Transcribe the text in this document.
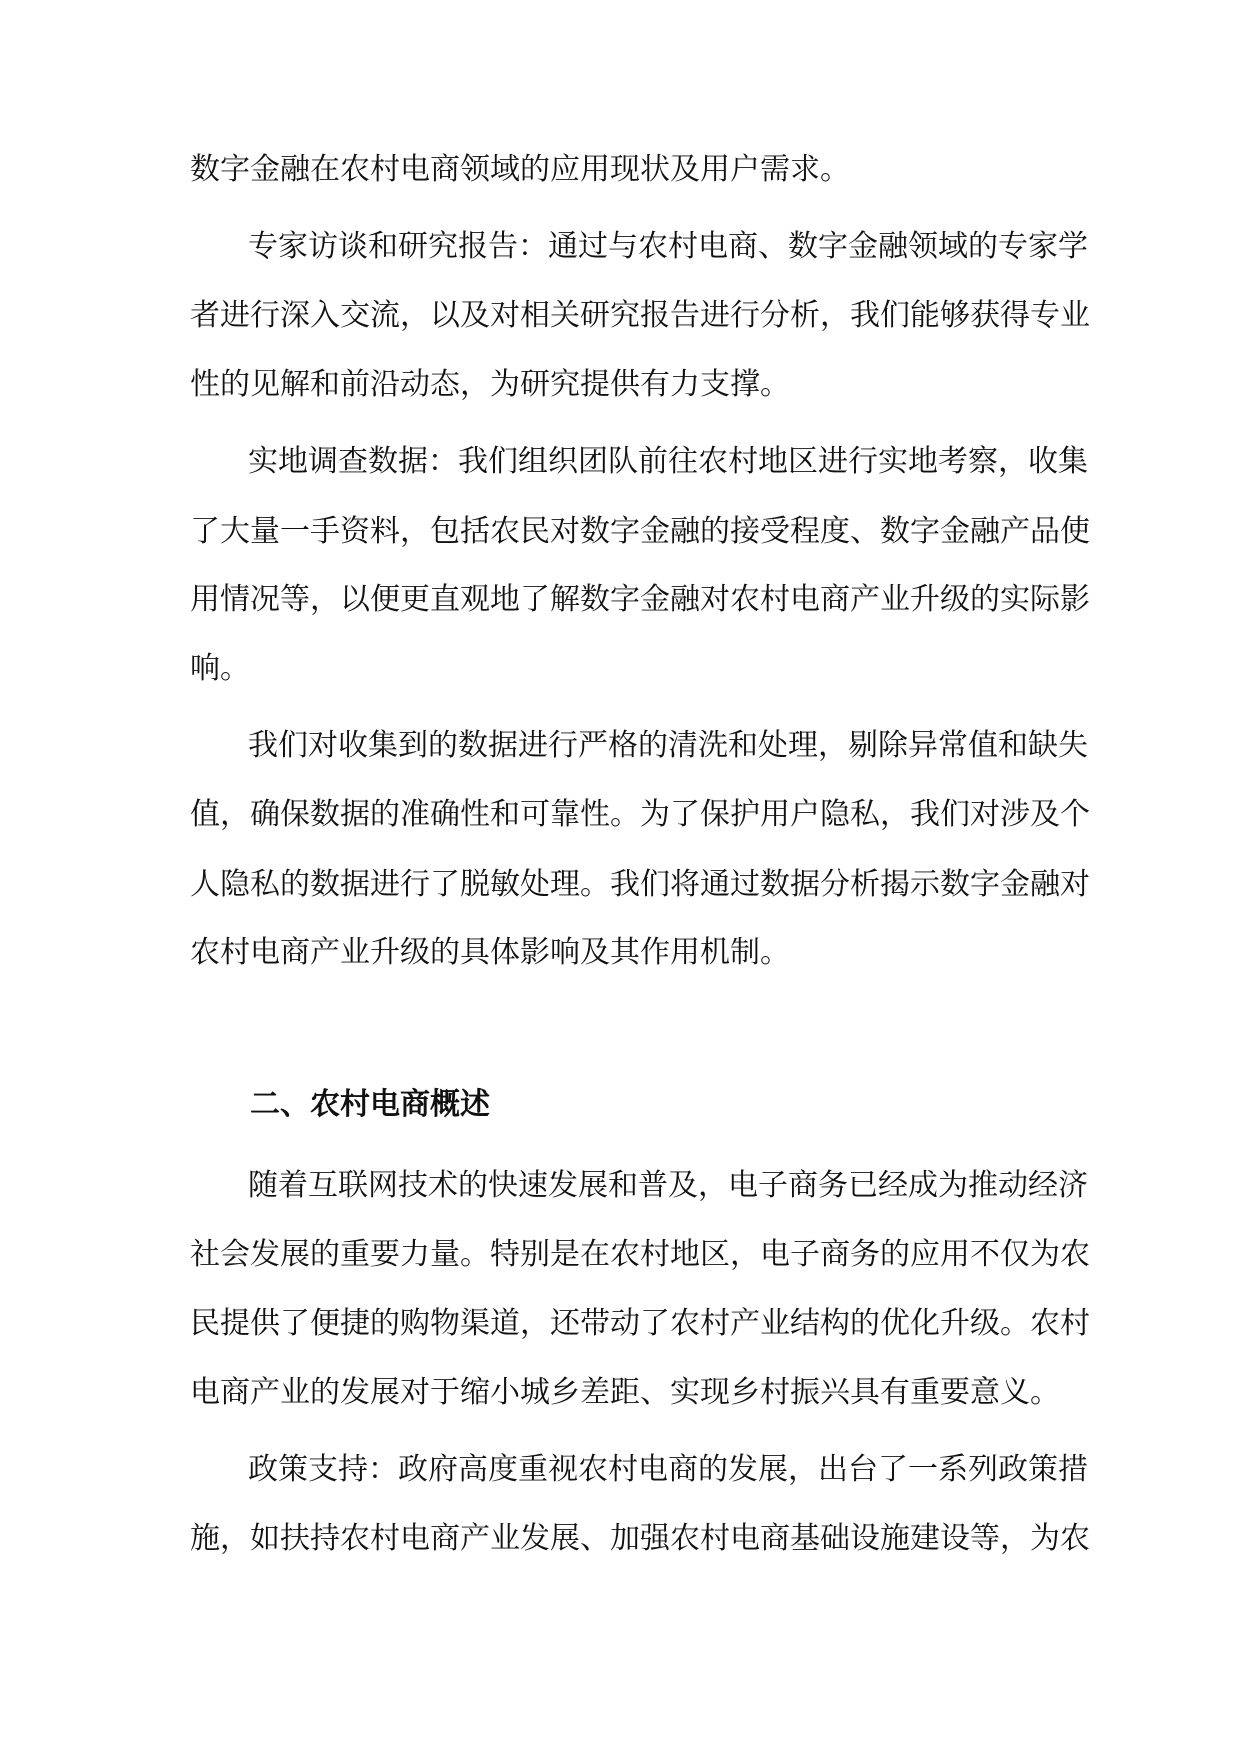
数字金融在农村电商领域的应用现状及用户需求。
专家访谈和研究报告：通过与农村电商、数字金融领域的专家学
者进行深入交流，以及对相关研究报告进行分析，我们能够获得专业
性的见解和前沿动态，为研究提供有力支撑。
实地调查数据：我们组织团队前往农村地区进行实地考察，收集
了大量一手资料，包括农民对数字金融的接受程度、数字金融产品使
用情况等，以便更直观地了解数字金融对农村电商产业升级的实际影
响。
我们对收集到的数据进行严格的清洗和处理，剔除异常值和缺失
值，确保数据的准确性和可靠性。为了保护用户隐私，我们对涉及个
人隐私的数据进行了脱敏处理。我们将通过数据分析揭示数字金融对
农村电商产业升级的具体影响及其作用机制。
二、农村电商概述
随着互联网技术的快速发展和普及，电子商务已经成为推动经济
社会发展的重要力量。特别是在农村地区，电子商务的应用不仅为农
民提供了便捷的购物渠道，还带动了农村产业结构的优化升级。农村
电商产业的发展对于缩小城乡差距、实现乡村振兴具有重要意义。
政策支持：政府高度重视农村电商的发展，出台了一系列政策措
施，如扶持农村电商产业发展、加强农村电商基础设施建设等，为农
